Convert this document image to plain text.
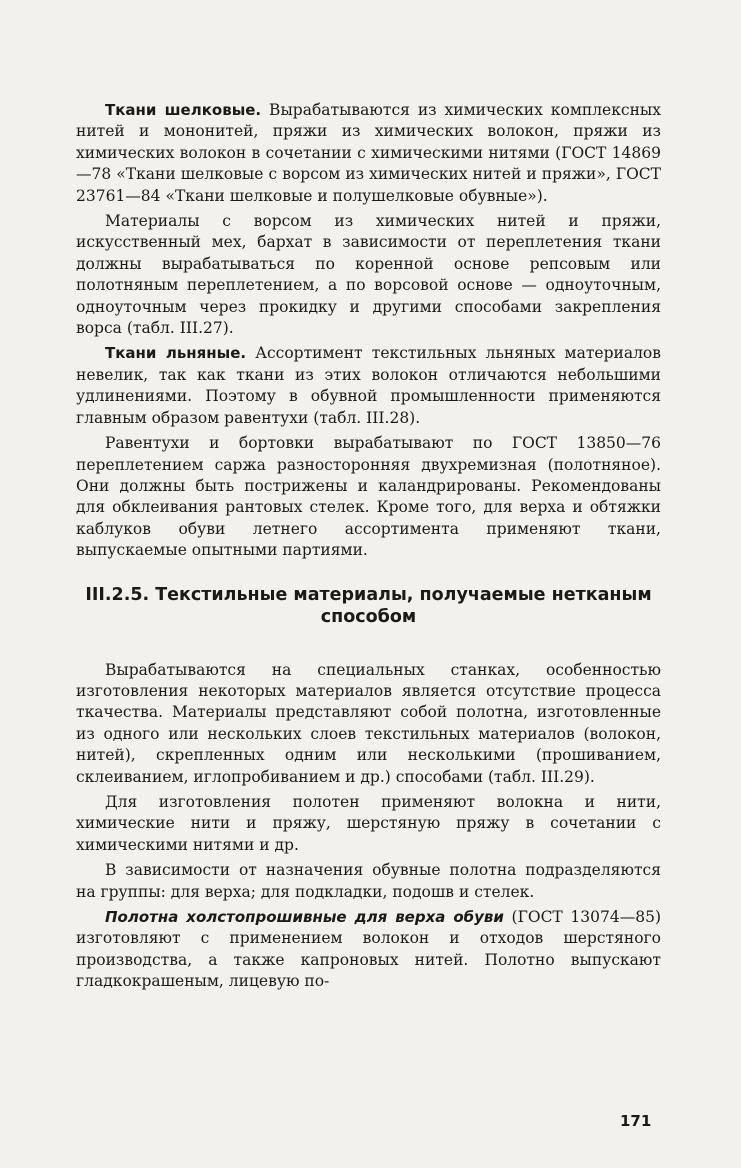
Ткани шелковые. Вырабатываются из химических комплексных нитей и мононитей, пряжи из химических волокон, пряжи из химических волокон в сочетании с химическими нитями (ГОСТ 14869—78 «Ткани шелковые с ворсом из химических нитей и пряжи», ГОСТ 23761—84 «Ткани шелковые и полушелковые обувные»).

Материалы с ворсом из химических нитей и пряжи, искусственный мех, бархат в зависимости от переплетения ткани должны вырабатываться по коренной основе репсовым или полотняным переплетением, а по ворсовой основе — одноуточным, одноуточным через прокидку и другими способами закрепления ворса (табл. III.27).

Ткани льняные. Ассортимент текстильных льняных материалов невелик, так как ткани из этих волокон отличаются небольшими удлинениями. Поэтому в обувной промышленности применяются главным образом равентухи (табл. III.28).

Равентухи и бортовки вырабатывают по ГОСТ 13850—76 переплетением саржа разносторонняя двухремизная (полотняное). Они должны быть пострижены и каландрированы. Рекомендованы для обклеивания рантовых стелек. Кроме того, для верха и обтяжки каблуков обуви летнего ассортимента применяют ткани, выпускаемые опытными партиями.

III.2.5. Текстильные материалы, получаемые нетканым способом

Вырабатываются на специальных станках, особенностью изготовления некоторых материалов является отсутствие процесса ткачества. Материалы представляют собой полотна, изготовленные из одного или нескольких слоев текстильных материалов (волокон, нитей), скрепленных одним или несколькими (прошиванием, склеиванием, иглопробиванием и др.) способами (табл. III.29).

Для изготовления полотен применяют волокна и нити, химические нити и пряжу, шерстяную пряжу в сочетании с химическими нитями и др.

В зависимости от назначения обувные полотна подразделяются на группы: для верха; для подкладки, подошв и стелек.

Полотна холстопрошивные для верха обуви (ГОСТ 13074—85) изготовляют с применением волокон и отходов шерстяного производства, а также капроновых нитей. Полотно выпускают гладкокрашеным, лицевую по-

171
